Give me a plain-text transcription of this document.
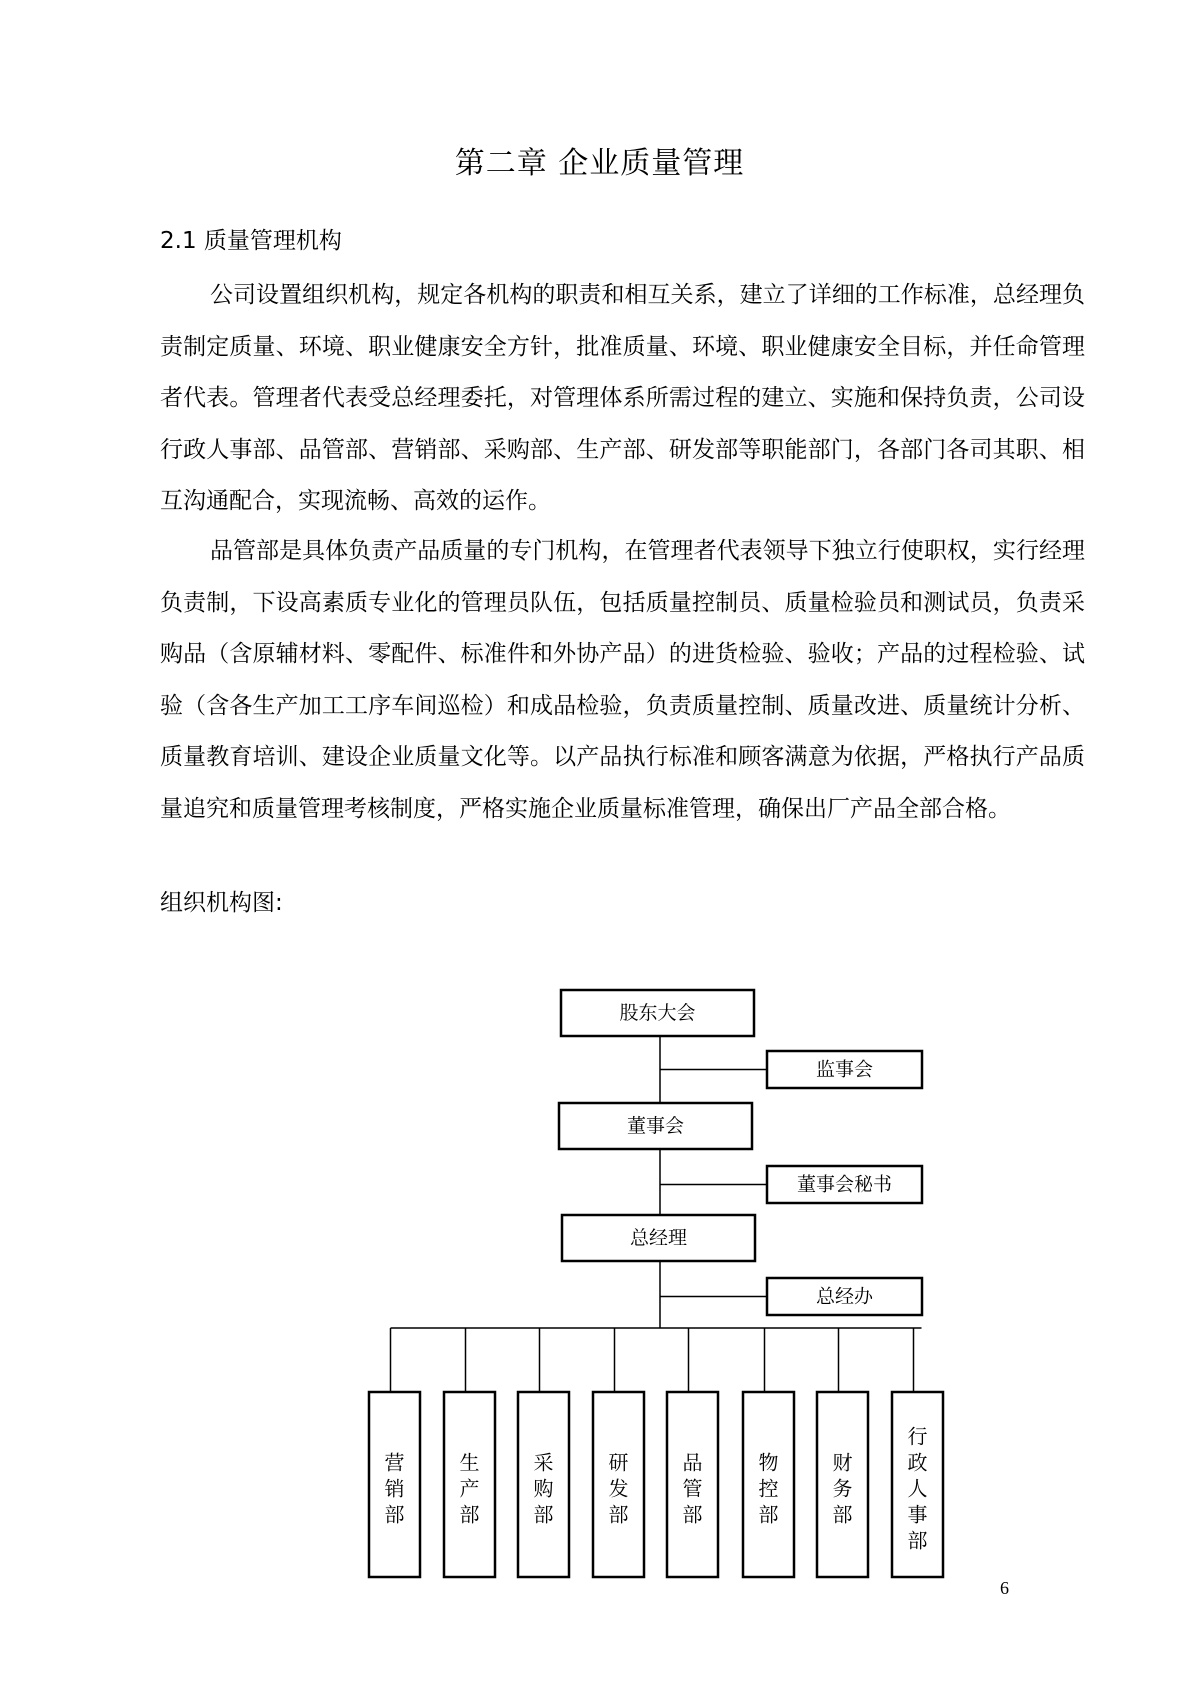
第二章 企业质量管理
2.1 质量管理机构

公司设置组织机构，规定各机构的职责和相互关系，建立了详细的工作标准，总经理负责制定质量、环境、职业健康安全方针，批准质量、环境、职业健康安全目标，并任命管理者代表。管理者代表受总经理委托，对管理体系所需过程的建立、实施和保持负责，公司设行政人事部、品管部、营销部、采购部、生产部、研发部等职能部门，各部门各司其职、相互沟通配合，实现流畅、高效的运作。

品管部是具体负责产品质量的专门机构，在管理者代表领导下独立行使职权，实行经理负责制，下设高素质专业化的管理员队伍，包括质量控制员、质量检验员和测试员，负责采购品（含原辅材料、零配件、标准件和外协产品）的进货检验、验收；产品的过程检验、试验（含各生产加工工序车间巡检）和成品检验，负责质量控制、质量改进、质量统计分析、质量教育培训、建设企业质量文化等。以产品执行标准和顾客满意为依据，严格执行产品质量追究和质量管理考核制度，严格实施企业质量标准管理，确保出厂产品全部合格。

组织机构图:
股东大会
董事会
总经理
监事会
董事会秘书
总经办
营销部
生产部
采购部
研发部
品管部
物控部
财务部
行政人事部
6
